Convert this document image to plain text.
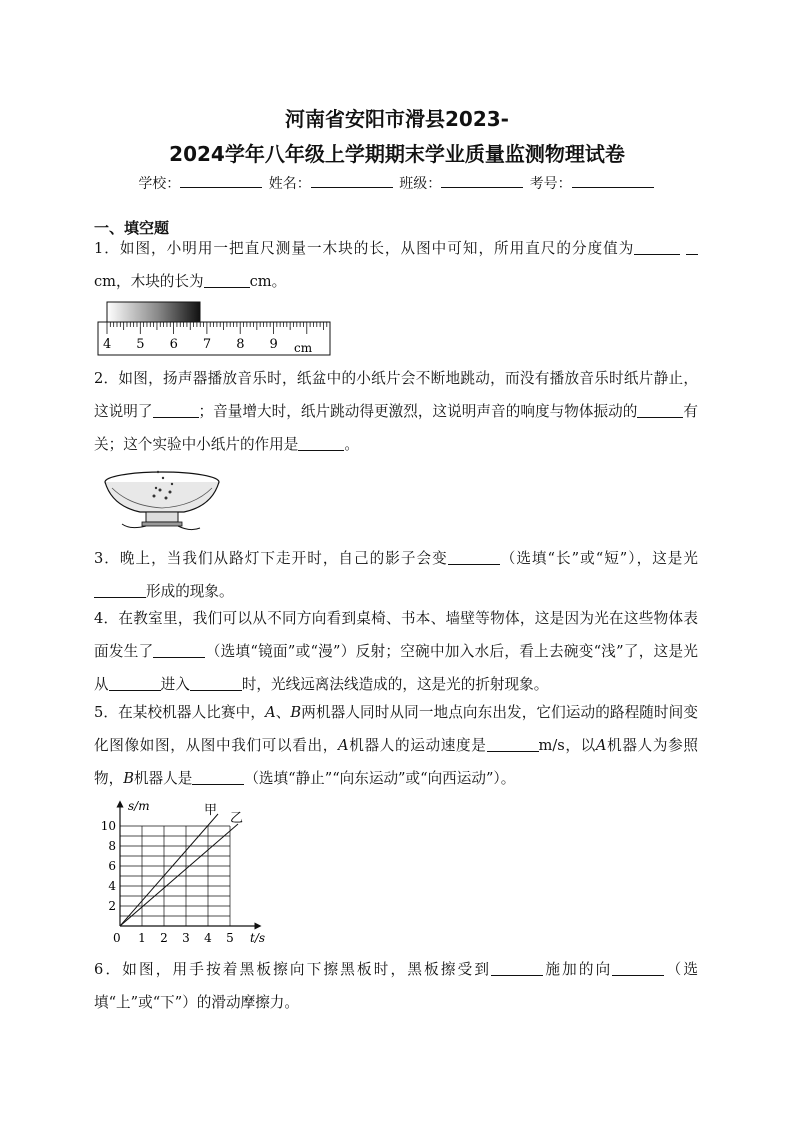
河南省安阳市滑县2023-
2024学年八年级上学期期末学业质量监测物理试卷
学校：	姓名：	班级：	考号：
一、填空题
1．如图，小明用一把直尺测量一木块的长，从图中可知，所用直尺的分度值为 cm，木块的长为	cm。
4 5 6 7 8 9 cm
2．如图，扬声器播放音乐时，纸盆中的小纸片会不断地跳动，而没有播放音乐时纸片静止，这说明了	；音量增大时，纸片跳动得更激烈，这说明声音的响度与物体振动的	有关；这个实验中小纸片的作用是	。
3．晚上，当我们从路灯下走开时，自己的影子会变	（选填“长”或“短”），这是光形成的现象。
4．在教室里，我们可以从不同方向看到桌椅、书本、墙壁等物体，这是因为光在这些物体表面发生了	（选填“镜面”或“漫”）反射；空碗中加入水后，看上去碗变“浅”了，这是光从	进入	时，光线远离法线造成的，这是光的折射现象。
5．在某校机器人比赛中，A、B两机器人同时从同一地点向东出发，它们运动的路程随时间变化图像如图，从图中我们可以看出，A机器人的运动速度是	m/s，以A机器人为参照物，B机器人是	（选填“静止”“向东运动”或“向西运动”）。
甲
乙
s/m
t/s
0
2
4
6
8
10
1 2 3 4 5
6．如图，用手按着黑板擦向下擦黑板时，黑板擦受到	施加的向	（选填“上”或“下”）的滑动摩擦力。
